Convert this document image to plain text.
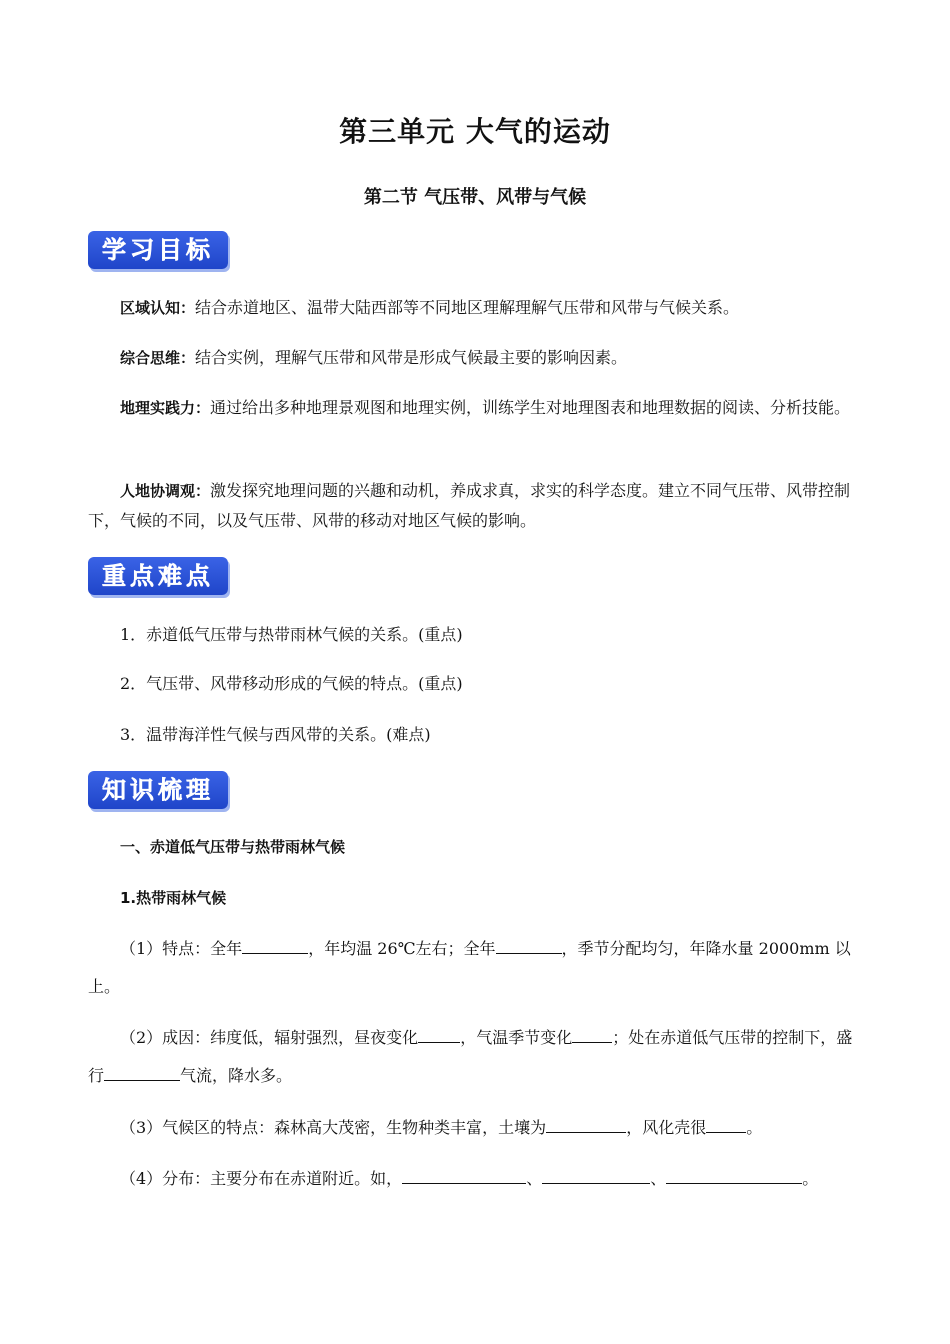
第三单元 大气的运动
第二节 气压带、风带与气候
学习目标
区域认知：结合赤道地区、温带大陆西部等不同地区理解理解气压带和风带与气候关系。
综合思维：结合实例，理解气压带和风带是形成气候最主要的影响因素。
地理实践力：通过给出多种地理景观图和地理实例，训练学生对地理图表和地理数据的阅读、分析技能。
人地协调观：激发探究地理问题的兴趣和动机，养成求真，求实的科学态度。建立不同气压带、风带控制下，气候的不同，以及气压带、风带的移动对地区气候的影响。
重点难点
1．赤道低气压带与热带雨林气候的关系。(重点)
2．气压带、风带移动形成的气候的特点。(重点)
3．温带海洋性气候与西风带的关系。(难点)
知识梳理
一、赤道低气压带与热带雨林气候
1.热带雨林气候
（1）特点：全年	，年均温 26℃左右；全年	，季节分配均匀，年降水量 2000mm 以上。
（2）成因：纬度低，辐射强烈，昼夜变化	，气温季节变化	；处在赤道低气压带的控制下，盛行	气流，降水多。
（3）气候区的特点：森林高大茂密，生物种类丰富，土壤为	，风化壳很	。
（4）分布：主要分布在赤道附近。如，	、	、	。
